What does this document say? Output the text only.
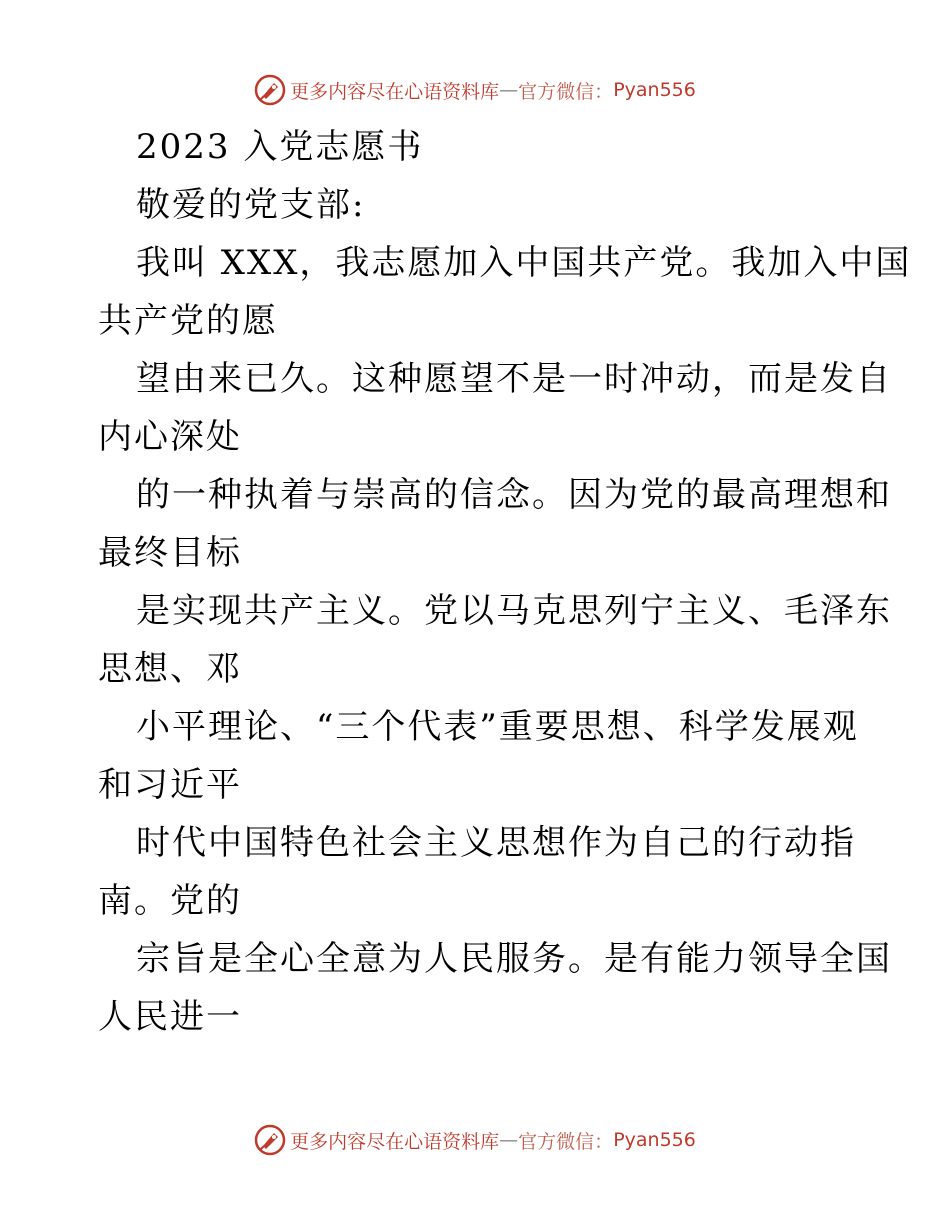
更多内容尽在心语资料库 — 官方微信： Pyan556

2023 入党志愿书

敬爱的党支部:

我叫 XXX，我志愿加入中国共产党。我加入中国

共产党的愿

望由来已久。这种愿望不是一时冲动，而是发自

内心深处

的一种执着与崇高的信念。因为党的最高理想和

最终目标

是实现共产主义。党以马克思列宁主义、毛泽东

思想、邓

小平理论、“三个代表”重要思想、科学发展观

和习近平

时代中国特色社会主义思想作为自己的行动指

南。党的

宗旨是全心全意为人民服务。是有能力领导全国

人民进一

更多内容尽在心语资料库 — 官方微信： Pyan556
